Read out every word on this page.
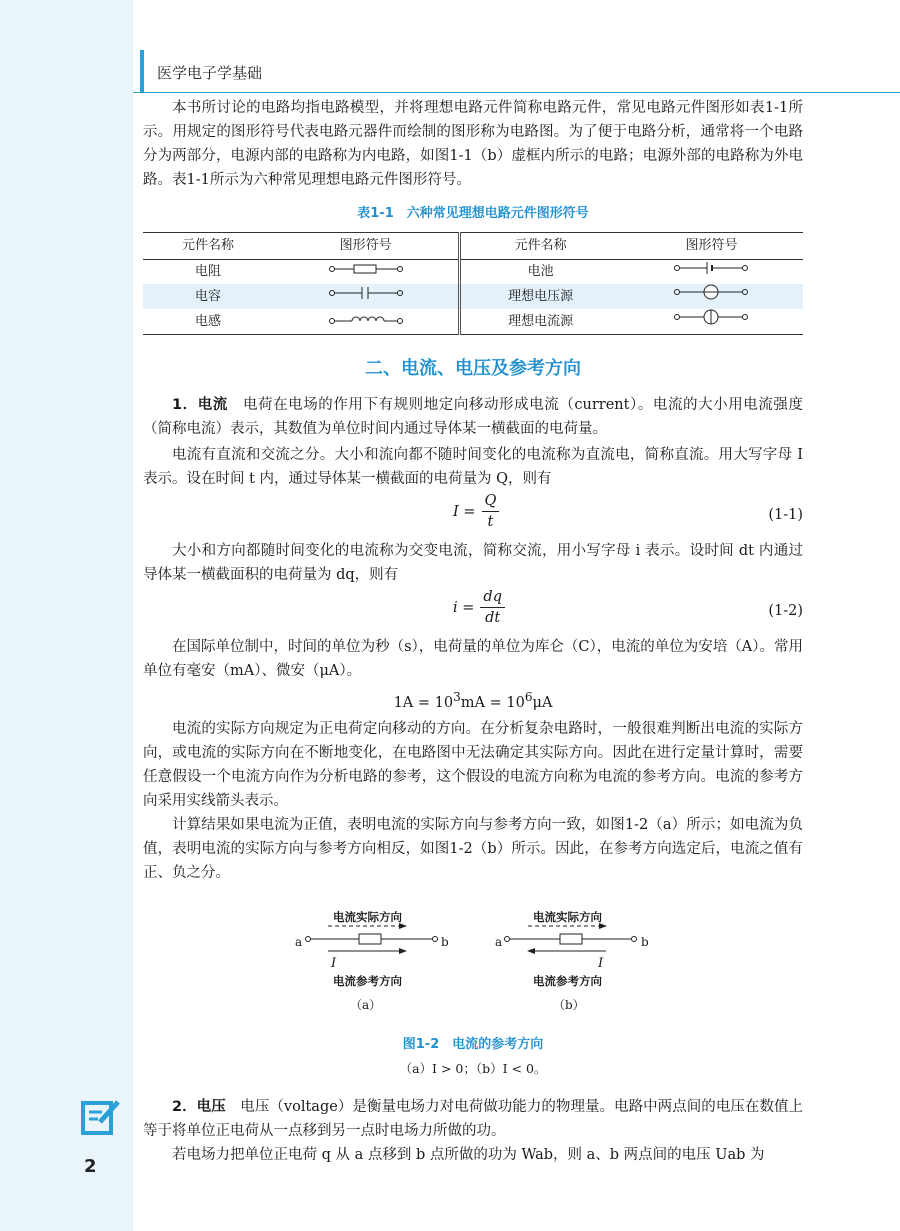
医学电子学基础
2

本书所讨论的电路均指电路模型，并将理想电路元件简称电路元件，常见电路元件图形如表1-1所示。用规定的图形符号代表电路元器件而绘制的图形称为电路图。为了便于电路分析，通常将一个电路分为两部分，电源内部的电路称为内电路，如图1-1（b）虚框内所示的电路；电源外部的电路称为外电路。表1-1所示为六种常见理想电路元件图形符号。

表1-1　六种常见理想电路元件图形符号
元件名称	图形符号	元件名称	图形符号
电阻		电池	
电容		理想电压源	
电感		理想电流源	
二、电流、电压及参考方向

1．电流　 电荷在电场的作用下有规则地定向移动形成电流（current）。电流的大小用电流强度（简称电流）表示，其数值为单位时间内通过导体某一横截面的电荷量。

电流有直流和交流之分。大小和流向都不随时间变化的电流称为直流电，简称直流。用大写字母 I 表示。设在时间 t 内，通过导体某一横截面的电荷量为 Q，则有

$I = \frac{Q}{t}$	(1-1)

大小和方向都随时间变化的电流称为交变电流，简称交流，用小写字母 i 表示。设时间 dt 内通过导体某一横截面积的电荷量为 dq，则有

$i = \frac{dq}{dt}$	(1-2)

在国际单位制中，时间的单位为秒（s），电荷量的单位为库仑（C），电流的单位为安培（A）。常用单位有毫安（mA）、微安（μA）。

$1A = 10^3mA = 10^6\mu A$

电流的实际方向规定为正电荷定向移动的方向。在分析复杂电路时，一般很难判断出电流的实际方向，或电流的实际方向在不断地变化，在电路图中无法确定其实际方向。因此在进行定量计算时，需要任意假设一个电流方向作为分析电路的参考，这个假设的电流方向称为电流的参考方向。电流的参考方向采用实线箭头表示。

计算结果如果电流为正值，表明电流的实际方向与参考方向一致，如图1-2（a）所示；如电流为负值，表明电流的实际方向与参考方向相反，如图1-2（b）所示。因此，在参考方向选定后，电流之值有正、负之分。

电流实际方向
a	b
I
电流参考方向
（a）
电流实际方向
a	b
I
电流参考方向
（b）
图1-2　电流的参考方向
（a）I > 0；（b）I < 0。

2．电压　 电压（voltage）是衡量电场力对电荷做功能力的物理量。电路中两点间的电压在数值上等于将单位正电荷从一点移到另一点时电场力所做的功。

若电场力把单位正电荷 q 从 a 点移到 b 点所做的功为 Wab，则 a、b 两点间的电压 Uab 为
